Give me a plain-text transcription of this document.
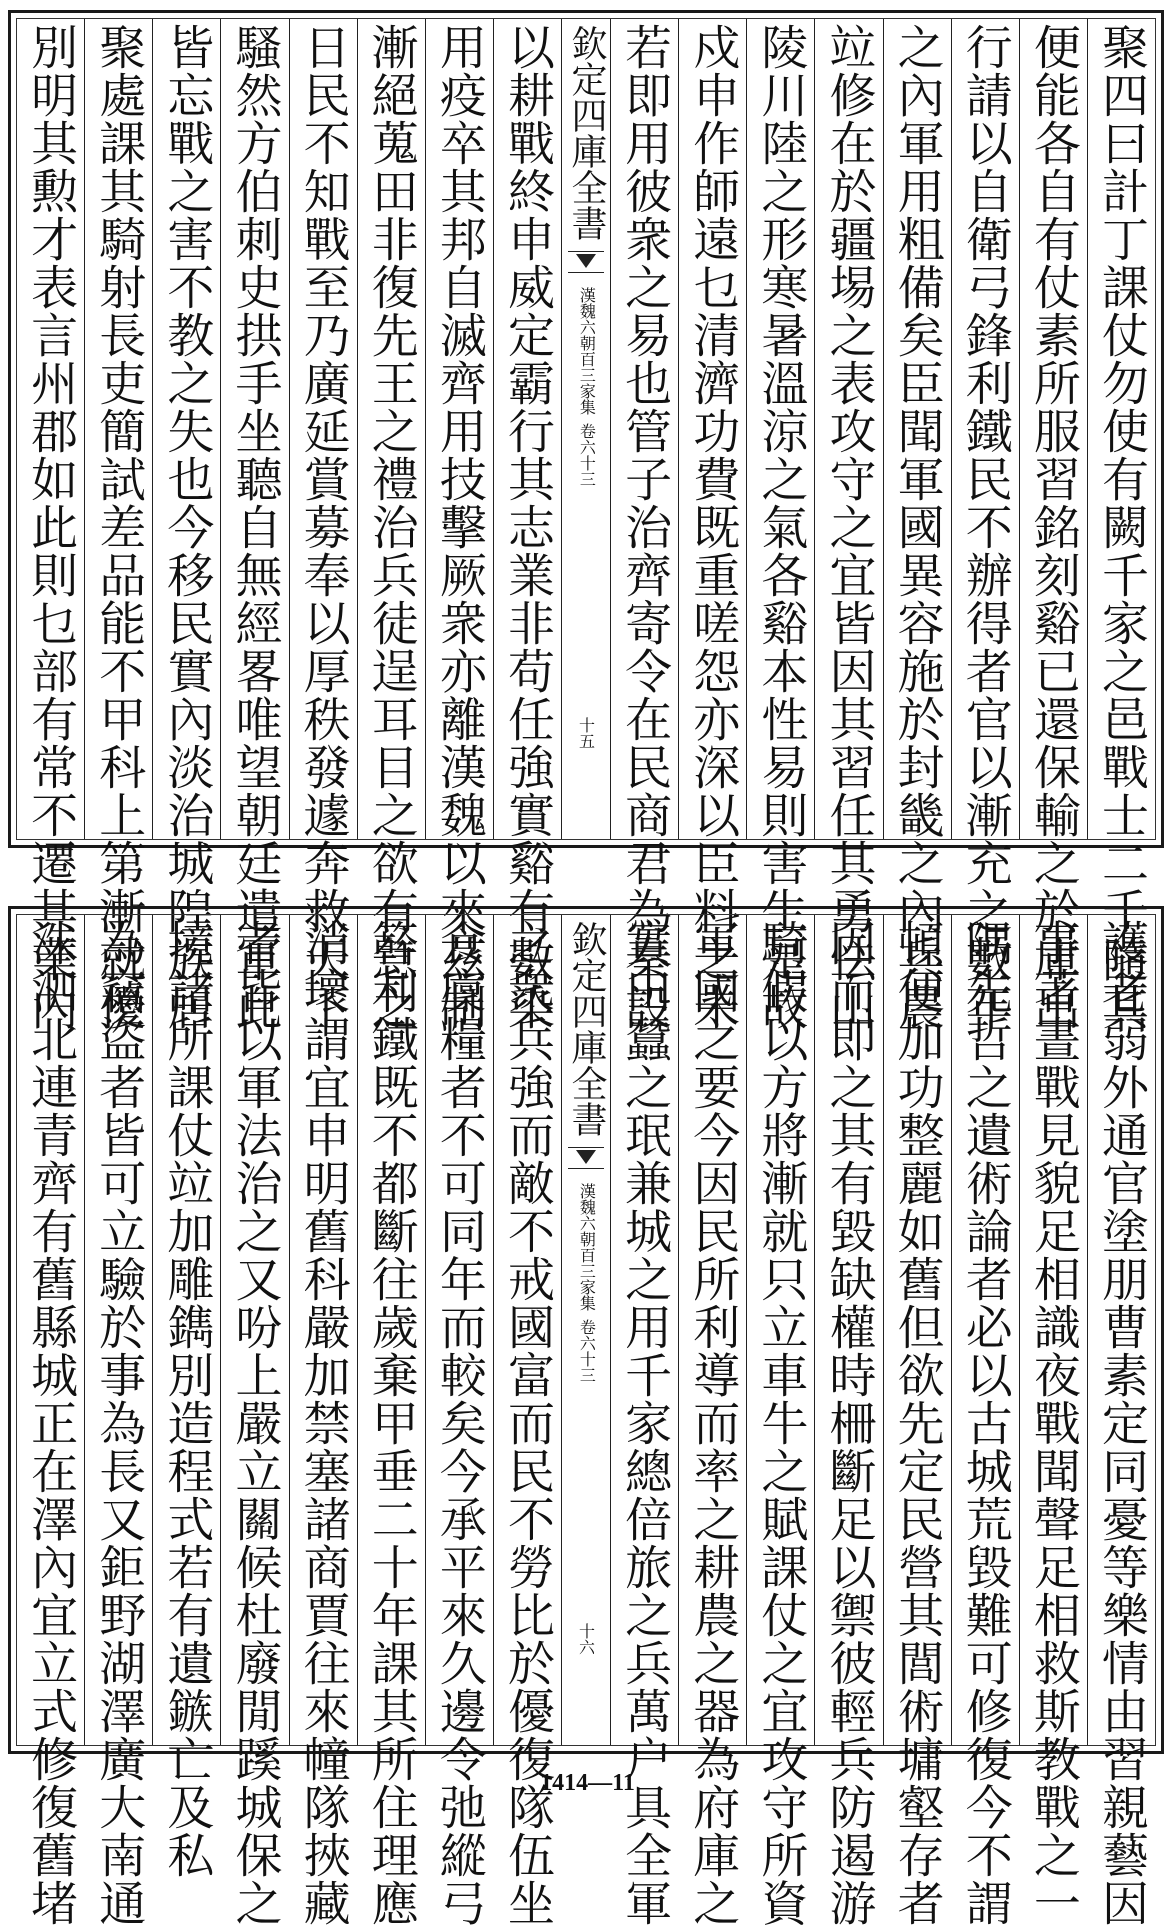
聚四曰計丁課仗勿使有闕千家之邑戰士二千隨其
便能各自有仗素所服習銘刻谿已還保輸之於庫出
行請以自衛弓鋒利鐵民不辦得者官以漸充之數年
之內軍用粗備矣臣聞軍國異容施於封畿之內兵農
竝修在於疆埸之表攻守之宜皆因其習任其勇怯山
陵川陸之形寒暑溫涼之氣各谿本性易則害生是故
戍申作師遠乜清濟功費既重嗟怨亦深以臣料之未
若即用彼衆之易也管子治齊寄令在民商君為秦設
欽定四庫全書
漢魏六朝百三家集
卷六十三
十五
以耕戰終申威定霸行其志業非苟任強實谿有數染
用疫卒其邦自滅齊用技擊厥衆亦離漢魏以來茲制
漸絕蒐田非復先王之禮治兵徒逞耳目之欲有急之
日民不知戰至乃廣延賞募奉以厚秩發遽奔救天下
騷然方伯刺史拱手坐聽自無經畧唯望朝廷遣軍此
皆忘戰之害不教之失也今移民實內淡治城隍族居
聚處課其騎射長吏簡試差品能不甲科上第漸就優
別明其勲才表言州郡如此則乜部有常不遷其業內
護老弱外通官塗朋曹素定同憂等樂情由習親藝因
事著晝戰見貌足相識夜戰聞聲足相救斯教戰之一
隅先哲之遺術論者必以古城荒毀難可修復今不謂
頓便加功整麗如舊但欲先定民營其閭術墉壑存者
因而即之其有毀缺權時柵斷足以禦彼輕兵防遏游
騎假以方將漸就只立車牛之賦課仗之宜攻守所資
軍國之要今因民所利導而率之耕農之器為府庫之
實田蠶之珉兼城之用千家總倍旅之兵萬户具全軍
欽定四庫全書
漢魏六朝百三家集
卷六十三
十六
之衆兵強而敵不戒國富而民不勞比於優復隊伍坐
食廩糧者不可同年而較矣今承平來久邊令弛縱弓
簳利鐵既不都斷往歲棄甲垂二十年課其所住理應
消壞謂宜申明舊科嚴加禁塞諸商賈往來幢隊挾藏
者皆以軍法治之又吩上嚴立關候杜廢閒蹊城保之
境諸所課仗竝加雕鐫別造程式若有遺鏃亡及私
為竊盜者皆可立驗於事為長又鉅野湖澤廣大南通
洙泗北連青齊有舊縣城正在澤內宜立式修復舊堵	1414—11
